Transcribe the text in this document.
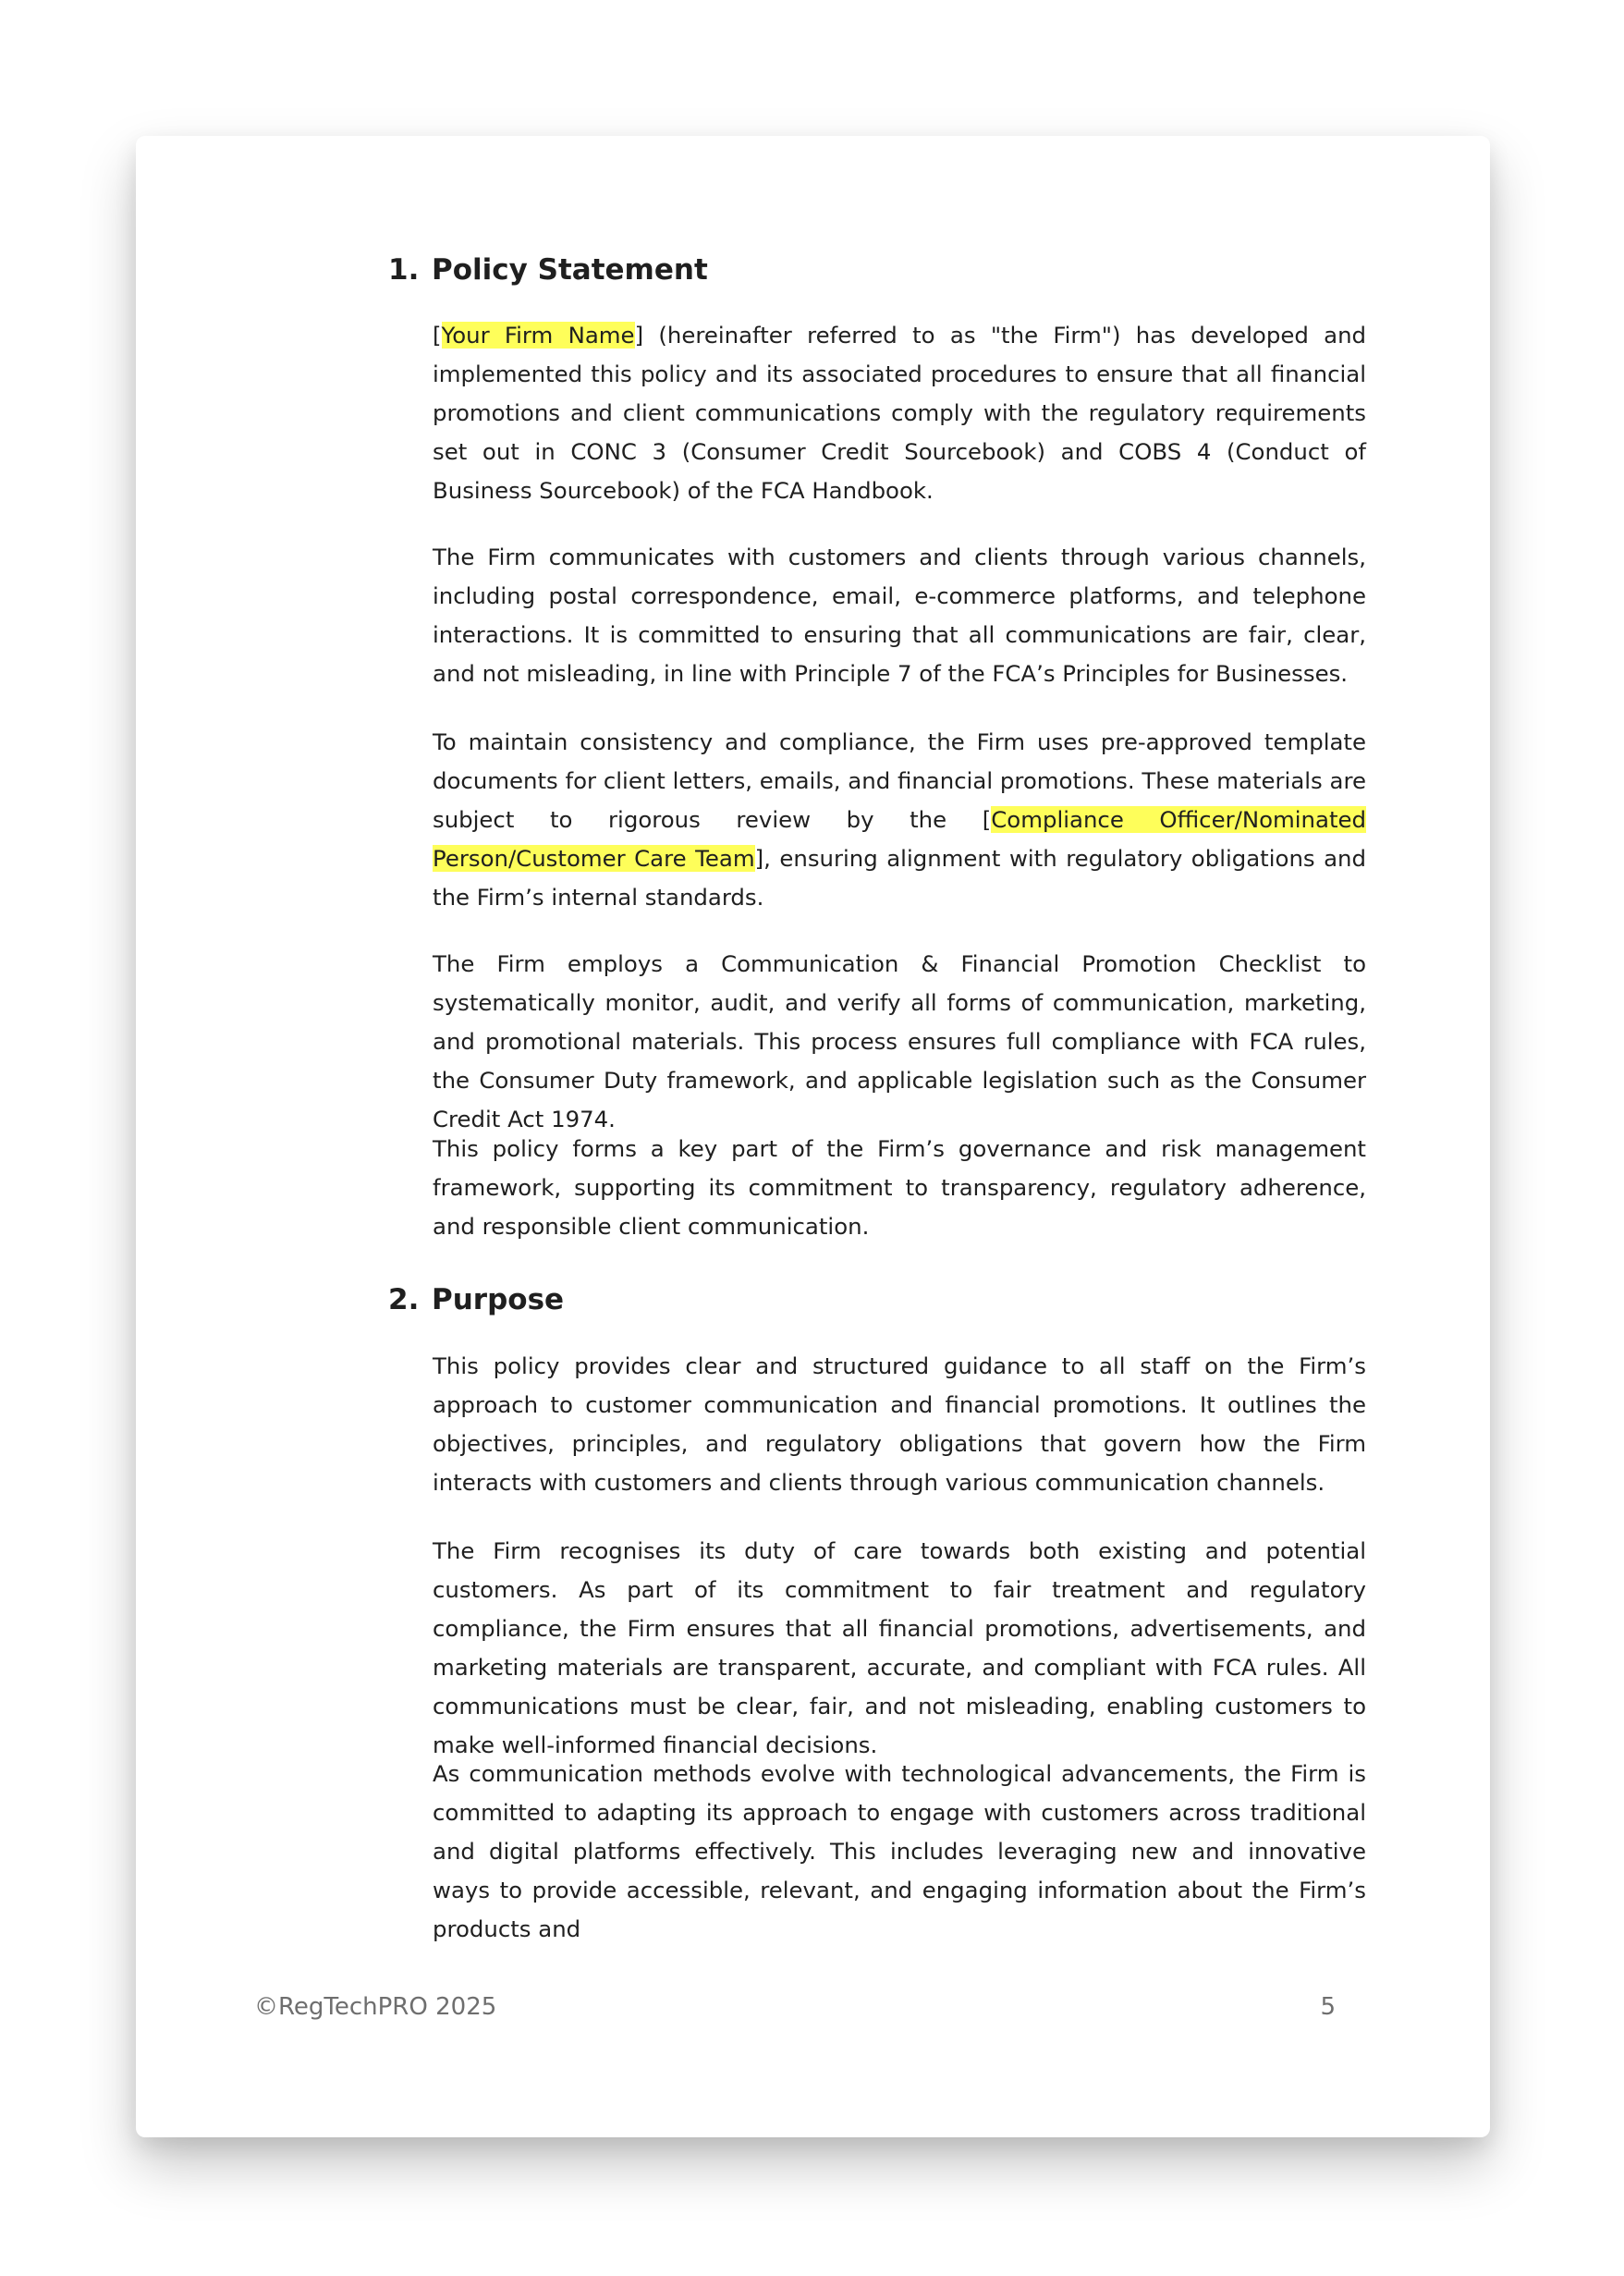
1. Policy Statement

[Your Firm Name] (hereinafter referred to as "the Firm") has developed and implemented this policy and its associated procedures to ensure that all financial promotions and client communications comply with the regulatory requirements set out in CONC 3 (Consumer Credit Sourcebook) and COBS 4 (Conduct of Business Sourcebook) of the FCA Handbook.

The Firm communicates with customers and clients through various channels, including postal correspondence, email, e-commerce platforms, and telephone interactions. It is committed to ensuring that all communications are fair, clear, and not misleading, in line with Principle 7 of the FCA’s Principles for Businesses.

To maintain consistency and compliance, the Firm uses pre-approved template documents for client letters, emails, and financial promotions. These materials are subject to rigorous review by the [Compliance Officer/Nominated Person/Customer Care Team], ensuring alignment with regulatory obligations and the Firm’s internal standards.

The Firm employs a Communication & Financial Promotion Checklist to systematically monitor, audit, and verify all forms of communication, marketing, and promotional materials. This process ensures full compliance with FCA rules, the Consumer Duty framework, and applicable legislation such as the Consumer Credit Act 1974.

This policy forms a key part of the Firm’s governance and risk management framework, supporting its commitment to transparency, regulatory adherence, and responsible client communication.

2. Purpose

This policy provides clear and structured guidance to all staff on the Firm’s approach to customer communication and financial promotions. It outlines the objectives, principles, and regulatory obligations that govern how the Firm interacts with customers and clients through various communication channels.

The Firm recognises its duty of care towards both existing and potential customers. As part of its commitment to fair treatment and regulatory compliance, the Firm ensures that all financial promotions, advertisements, and marketing materials are transparent, accurate, and compliant with FCA rules. All communications must be clear, fair, and not misleading, enabling customers to make well-informed financial decisions.

As communication methods evolve with technological advancements, the Firm is committed to adapting its approach to engage with customers across traditional and digital platforms effectively. This includes leveraging new and innovative ways to provide accessible, relevant, and engaging information about the Firm’s products and

©RegTechPRO 2025	5
